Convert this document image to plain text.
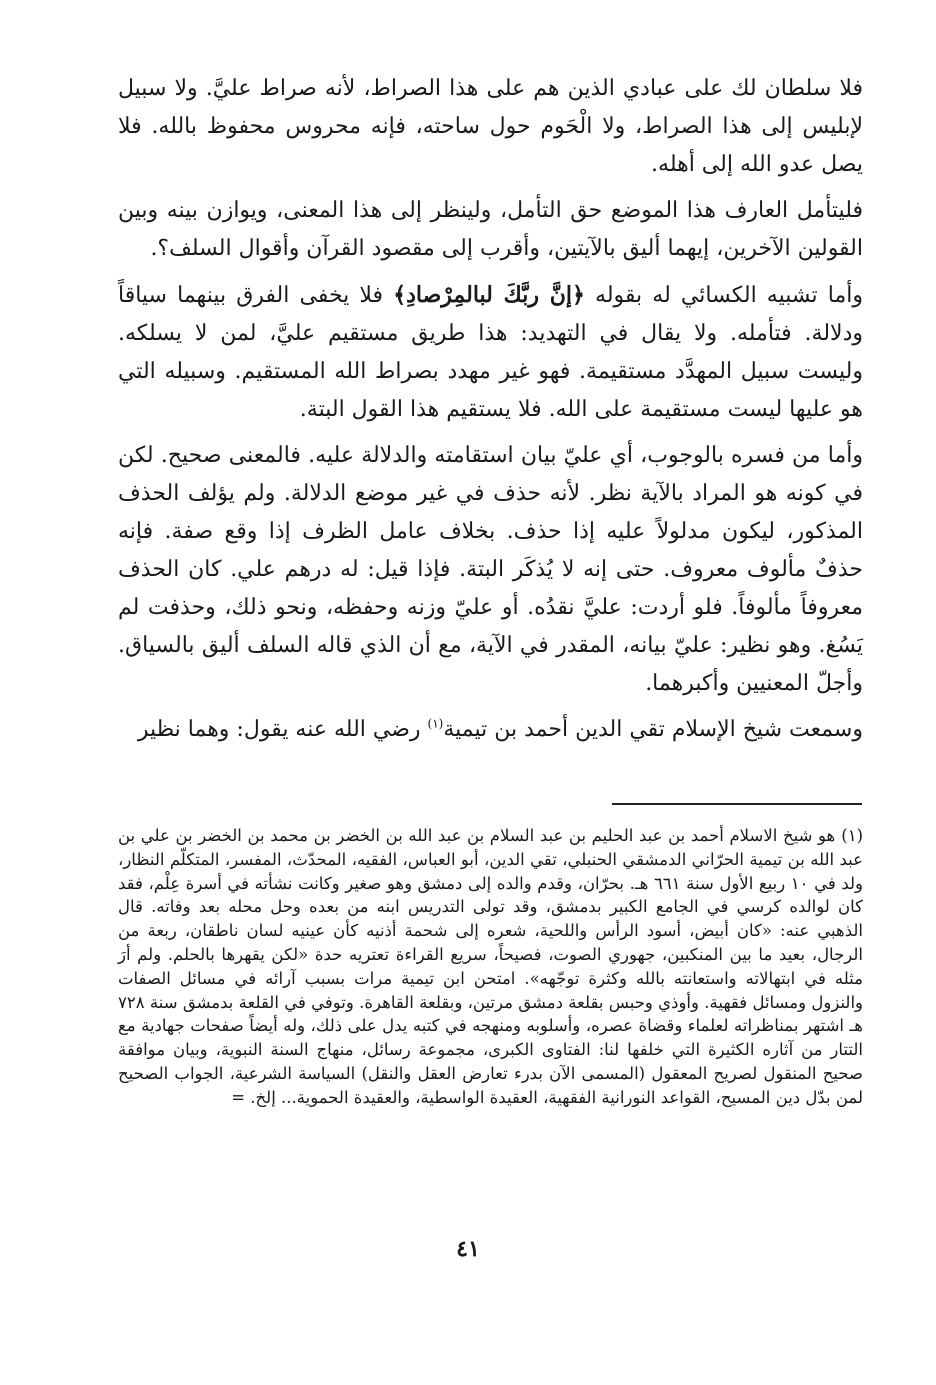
فلا سلطان لك على عبادي الذين هم على هذا الصراط، لأنه صراط عليَّ. ولا سبيل لإبليس إلى هذا الصراط، ولا الْحَوم حول ساحته، فإنه محروس محفوظ بالله. فلا يصل عدو الله إلى أهله.

فليتأمل العارف هذا الموضع حق التأمل، ولينظر إلى هذا المعنى، ويوازن بينه وبين القولين الآخرين، إيهما أليق بالآيتين، وأقرب إلى مقصود القرآن وأقوال السلف؟.

وأما تشبيه الكسائي له بقوله ﴿إنَّ ربَّكَ لبالمِرْصادِ﴾ فلا يخفى الفرق بينهما سياقاً ودلالة. فتأمله. ولا يقال في التهديد: هذا طريق مستقيم عليَّ، لمن لا يسلكه. وليست سبيل المهدَّد مستقيمة. فهو غير مهدد بصراط الله المستقيم. وسبيله التي هو عليها ليست مستقيمة على الله. فلا يستقيم هذا القول البتة.

وأما من فسره بالوجوب، أي عليّ بيان استقامته والدلالة عليه. فالمعنى صحيح. لكن في كونه هو المراد بالآية نظر. لأنه حذف في غير موضع الدلالة. ولم يؤلف الحذف المذكور، ليكون مدلولاً عليه إذا حذف. بخلاف عامل الظرف إذا وقع صفة. فإنه حذفٌ مألوف معروف. حتى إنه لا يُذكَر البتة. فإذا قيل: له درهم علي. كان الحذف معروفاً مألوفاً. فلو أردت: عليَّ نقدُه. أو عليّ وزنه وحفظه، ونحو ذلك، وحذفت لم يَسُغ. وهو نظير: عليّ بيانه، المقدر في الآية، مع أن الذي قاله السلف أليق بالسياق. وأجلّ المعنيين وأكبرهما.

وسمعت شيخ الإسلام تقي الدين أحمد بن تيمية$^{(١)}$ رضي الله عنه يقول: وهما نظير

(١)هو شيخ الاسلام أحمد بن عبد الحليم بن عبد السلام بن عبد الله بن الخضر بن محمد بن الخضر بن علي بن عبد الله بن تيمية الحرّاني الدمشقي الحنبلي، تقي الدين، أبو العباس، الفقيه، المحدّث، المفسر، المتكلّم النظار، ولد في ١٠ ربيع الأول سنة ٦٦١ هـ. بحرّان، وقدم والده إلى دمشق وهو صغير وكانت نشأته في أسرة عِلْم، فقد كان لوالده كرسي في الجامع الكبير بدمشق، وقد تولى التدريس ابنه من بعده وحل محله بعد وفاته. قال الذهبي عنه: «كان أبيض، أسود الرأس واللحية، شعره إلى شحمة أذنيه كأن عينيه لسان ناطقان، ربعة من الرجال، بعيد ما بين المنكبين، جهوري الصوت، فصيحاً، سريع القراءة تعتريه حدة «لكن يقهرها بالحلم. ولم أرَ مثله في ابتهالاته واستعانته بالله وكثرة توجّهه». امتحن ابن تيمية مرات بسبب آرائه في مسائل الصفات والنزول ومسائل فقهية. وأوذي وحبس بقلعة دمشق مرتين، وبقلعة القاهرة. وتوفي في القلعة بدمشق سنة ٧٢٨ هـ اشتهر بمناظراته لعلماء وقضاة عصره، وأسلوبه ومنهجه في كتبه يدل على ذلك، وله أيضاً صفحات جهادية مع التتار من آثاره الكثيرة التي خلفها لنا: الفتاوى الكبرى، مجموعة رسائل، منهاج السنة النبوية، وبيان موافقة صحيح المنقول لصريح المعقول (المسمى الآن بدرء تعارض العقل والنقل) السياسة الشرعية، الجواب الصحيح لمن بدّل دين المسيح، القواعد النورانية الفقهية، العقيدة الواسطية، والعقيدة الحموية... إلخ. =
٤١
